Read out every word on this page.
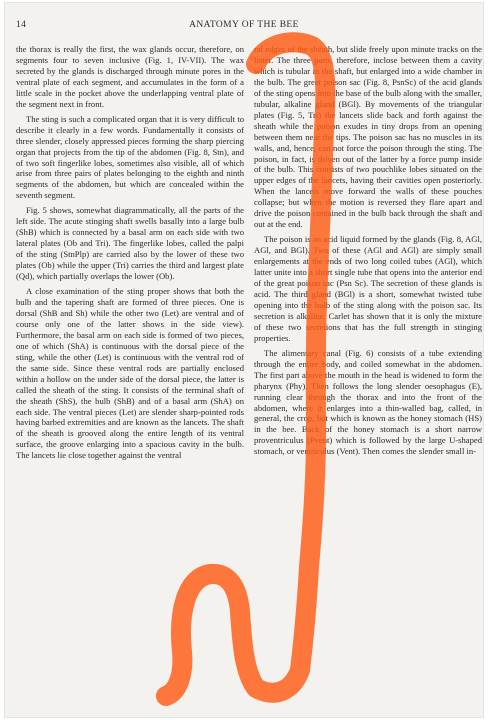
14	ANATOMY OF THE BEE

the thorax is really the first, the wax glands occur, therefore, on segments four to seven inclusive (Fig. 1, IV-VII). The wax secreted by the glands is discharged through minute pores in the ventral plate of each segment, and accumulates in the form of a little scale in the pocket above the underlapping ventral plate of the segment next in front.

The sting is such a complicated organ that it is very difficult to describe it clearly in a few words. Fundamentally it consists of three slender, closely appressed pieces forming the sharp piercing organ that projects from the tip of the abdomen (Fig. 8, Stn), and of two soft fingerlike lobes, sometimes also visible, all of which arise from three pairs of plates belonging to the eighth and ninth segments of the abdomen, but which are concealed within the seventh segment.

Fig. 5 shows, somewhat diagrammatically, all the parts of the left side. The acute stinging shaft swells basally into a large bulb (ShB) which is connected by a basal arm on each side with two lateral plates (Ob and Tri). The fingerlike lobes, called the palpi of the sting (StnPlp) are carried also by the lower of these two plates (Ob) while the upper (Tri) carries the third and largest plate (Qd), which partially overlaps the lower (Ob).

A close examination of the sting proper shows that both the bulb and the tapering shaft are formed of three pieces. One is dorsal (ShB and Sh) while the other two (Let) are ventral and of course only one of the latter shows in the side view). Furthermore, the basal arm on each side is formed of two pieces, one of which (ShA) is continuous with the dorsal piece of the sting, while the other (Let) is continuous with the ventral rod of the same side. Since these ventral rods are partially enclosed within a hollow on the under side of the dorsal piece, the latter is called the sheath of the sting. It consists of the terminal shaft of the sheath (ShS), the bulb (ShB) and of a basal arm (ShA) on each side. The ventral pieces (Let) are slender sharp-pointed rods having barbed extremities and are known as the lancets. The shaft of the sheath is grooved along the entire length of its ventral surface, the groove enlarging into a spacious cavity in the bulb. The lancets lie close together against the ventral

ral edges of the sheath, but slide freely upon minute tracks on the latter. The three parts, therefore, inclose between them a cavity which is tubular in the shaft, but enlarged into a wide chamber in the bulb. The great poison sac (Fig. 8, PsnSc) of the acid glands of the sting opens into the base of the bulb along with the smaller, tubular, alkaline gland (BGl). By movements of the triangular plates (Fig. 5, Tri) the lancets slide back and forth against the sheath while the poison exudes in tiny drops from an opening between them near the tips. The poison sac has no muscles in its walls, and, hence, can not force the poison through the sting. The poison, in fact, is driven out of the latter by a force pump inside of the bulb. This consists of two pouchlike lobes situated on the upper edges of the lancets, having their cavities open posteriorly. When the lancets move forward the walls of these pouches collapse; but when the motion is reversed they flare apart and drive the poison contained in the bulb back through the shaft and out at the end.

The poison is an acid liquid formed by the glands (Fig. 8, AGl, AGl, and BGl). Two of these (AGl and AGl) are simply small enlargements at the ends of two long coiled tubes (AGl), which latter unite into a short single tube that opens into the anterior end of the great poison sac (Psn Sc). The secretion of these glands is acid. The third gland (BGl) is a short, somewhat twisted tube opening into the bulb of the sting along with the poison sac. Its secretion is alkaline. Carlet has shown that it is only the mixture of these two secretions that has the full strength in stinging properties.

The alimentary canal (Fig. 6) consists of a tube extending through the entire body, and coiled somewhat in the abdomen. The first part above the mouth in the head is widened to form the pharynx (Phy). Then follows the long slender oesophagus (E), running clear through the thorax and into the front of the abdomen, where it enlarges into a thin-walled bag, called, in general, the crop, but which is known as the honey stomach (HS) in the bee. Back of the honey stomach is a short narrow proventriculus (Pvent) which is followed by the large U-shaped stomach, or ventriculus (Vent). Then comes the slender small in-
